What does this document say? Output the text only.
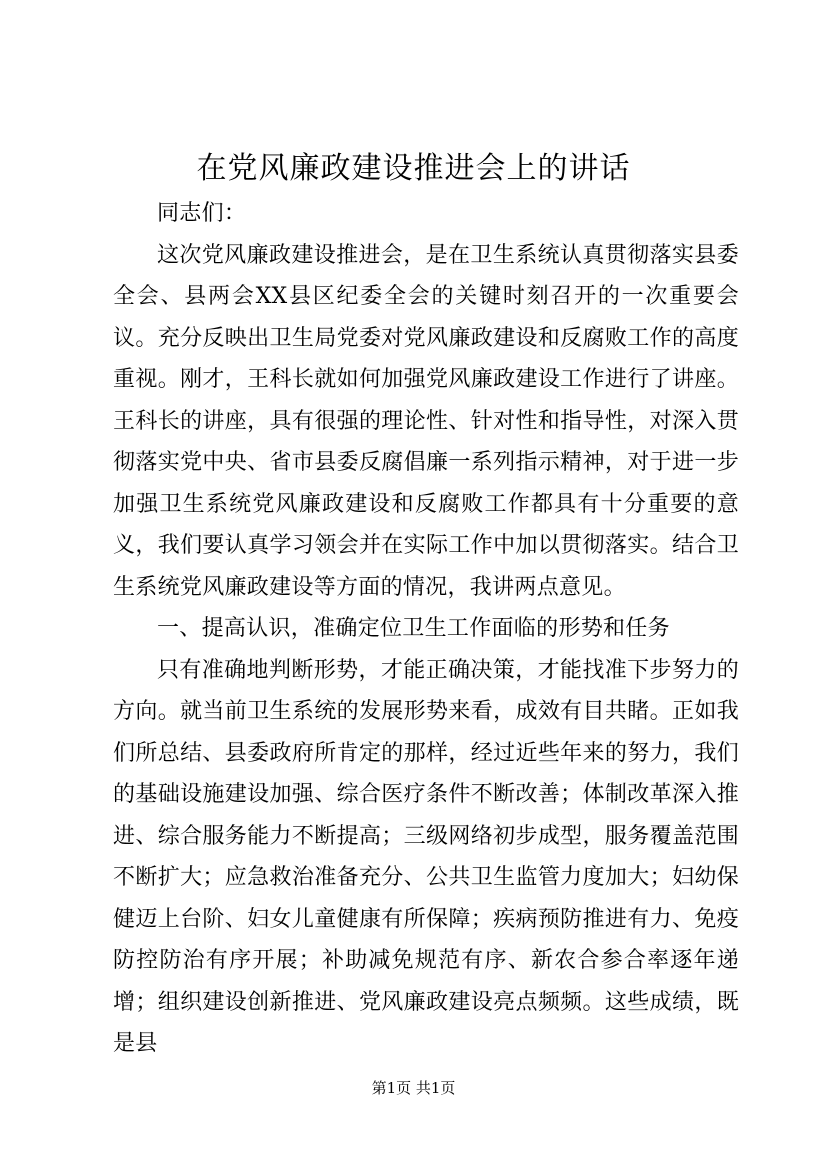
在党风廉政建设推进会上的讲话

同志们：

这次党风廉政建设推进会，是在卫生系统认真贯彻落实县委全会、县两会XX县区纪委全会的关键时刻召开的一次重要会议。充分反映出卫生局党委对党风廉政建设和反腐败工作的高度重视。刚才，王科长就如何加强党风廉政建设工作进行了讲座。王科长的讲座，具有很强的理论性、针对性和指导性，对深入贯彻落实党中央、省市县委反腐倡廉一系列指示精神，对于进一步加强卫生系统党风廉政建设和反腐败工作都具有十分重要的意义，我们要认真学习领会并在实际工作中加以贯彻落实。结合卫生系统党风廉政建设等方面的情况，我讲两点意见。

一、提高认识，准确定位卫生工作面临的形势和任务

只有准确地判断形势，才能正确决策，才能找准下步努力的方向。就当前卫生系统的发展形势来看，成效有目共睹。正如我们所总结、县委政府所肯定的那样，经过近些年来的努力，我们的基础设施建设加强、综合医疗条件不断改善；体制改革深入推进、综合服务能力不断提高；三级网络初步成型，服务覆盖范围不断扩大；应急救治准备充分、公共卫生监管力度加大；妇幼保健迈上台阶、妇女儿童健康有所保障；疾病预防推进有力、免疫防控防治有序开展；补助减免规范有序、新农合参合率逐年递增；组织建设创新推进、党风廉政建设亮点频频。这些成绩，既是县

第1页 共1页
